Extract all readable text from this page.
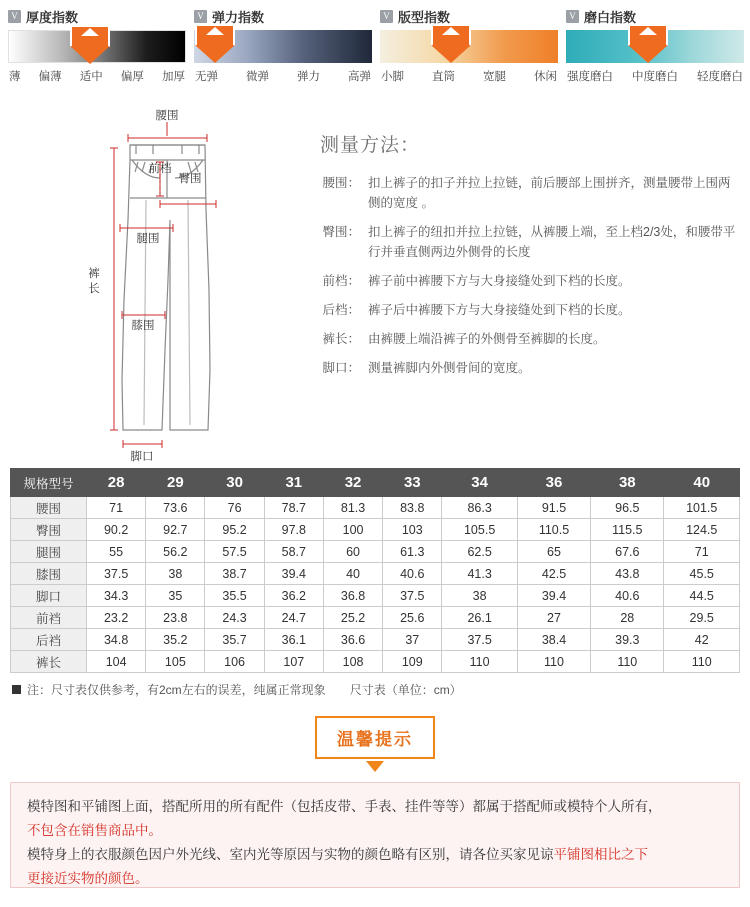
V 厚度指数
薄 偏薄 适中 偏厚 加厚
V 弹力指数
无弹 微弹 弹力 高弹
V 版型指数
小脚 直筒 宽腿 休闲
V 磨白指数
强度磨白 中度磨白 轻度磨白
腰围
臀围
前档
腿围
膝围
裤
长
脚口
测量方法：
腰围： 扣上裤子的扣子并拉上拉链，前后腰部上围拼齐，测量腰带上围两侧的宽度 。
臀围： 扣上裤子的纽扣并拉上拉链，从裤腰上端，至上档2/3处，和腰带平行并垂直侧两边外侧骨的长度
前档： 裤子前中裤腰下方与大身接缝处到下档的长度。
后档： 裤子后中裤腰下方与大身接缝处到下档的长度。
裤长： 由裤腰上端沿裤子的外侧骨至裤脚的长度。
脚口： 测量裤脚内外侧骨间的宽度。
规格型号	28	29	30	31	32	33	34	36	38	40
腰围	71	73.6	76	78.7	81.3	83.8	86.3	91.5	96.5	101.5
臀围	90.2	92.7	95.2	97.8	100	103	105.5	110.5	115.5	124.5
腿围	55	56.2	57.5	58.7	60	61.3	62.5	65	67.6	71
膝围	37.5	38	38.7	39.4	40	40.6	41.3	42.5	43.8	45.5
脚口	34.3	35	35.5	36.2	36.8	37.5	38	39.4	40.6	44.5
前裆	23.2	23.8	24.3	24.7	25.2	25.6	26.1	27	28	29.5
后裆	34.8	35.2	35.7	36.1	36.6	37	37.5	38.4	39.3	42
裤长	104	105	106	107	108	109	110	110	110	110
注：尺寸表仅供参考，有2cm左右的误差，纯属正常现象 尺寸表（单位：cm）
温馨提示
模特图和平铺图上面，搭配所用的所有配件（包括皮带、手表、挂件等等）都属于搭配师或模特个人所有，
不包含在销售商品中。
模特身上的衣服颜色因户外光线、室内光等原因与实物的颜色略有区别，请各位买家见谅平铺图相比之下
更接近实物的颜色。
